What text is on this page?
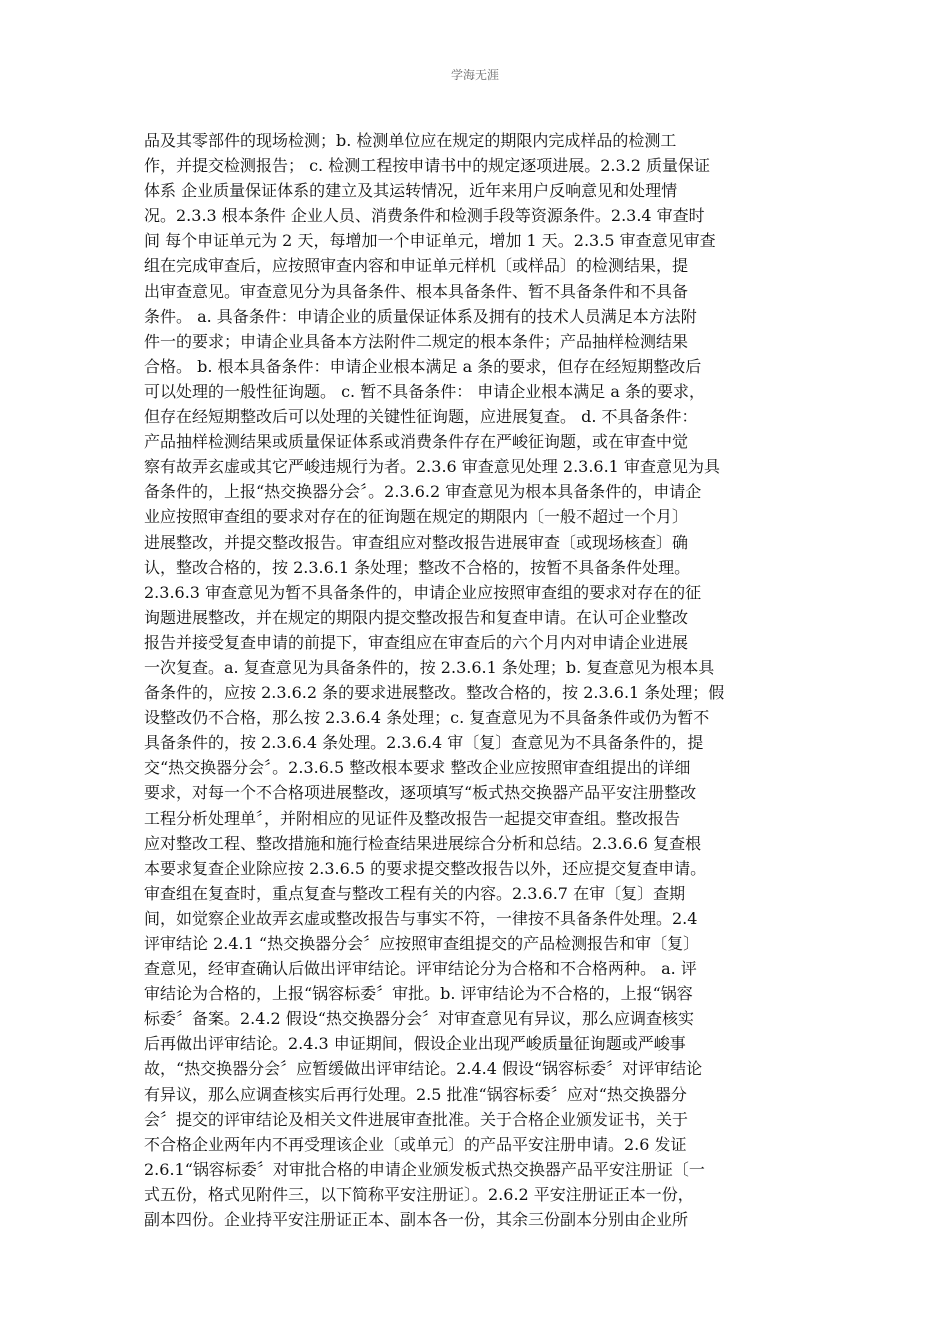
学海无涯
品及其零部件的现场检测；b. 检测单位应在规定的期限内完成样品的检测工
作，并提交检测报告； c. 检测工程按申请书中的规定逐项进展。2.3.2 质量保证
体系 企业质量保证体系的建立及其运转情况，近年来用户反响意见和处理情
况。2.3.3 根本条件 企业人员、消费条件和检测手段等资源条件。2.3.4 审查时
间 每个申证单元为 2 天，每增加一个申证单元，增加 1 天。2.3.5 审查意见审查
组在完成审查后，应按照审查内容和申证单元样机〔或样品〕的检测结果，提
出审查意见。审查意见分为具备条件、根本具备条件、暂不具备条件和不具备
条件。 a. 具备条件：申请企业的质量保证体系及拥有的技术人员满足本方法附
件一的要求；申请企业具备本方法附件二规定的根本条件；产品抽样检测结果
合格。 b. 根本具备条件：申请企业根本满足 a 条的要求，但存在经短期整改后
可以处理的一般性征询题。 c. 暂不具备条件： 申请企业根本满足 a 条的要求，
但存在经短期整改后可以处理的关键性征询题，应进展复查。 d. 不具备条件：
产品抽样检测结果或质量保证体系或消费条件存在严峻征询题，或在审查中觉
察有故弄玄虚或其它严峻违规行为者。2.3.6 审查意见处理 2.3.6.1 审查意见为具
备条件的，上报“热交换器分会〞。2.3.6.2 审查意见为根本具备条件的，申请企
业应按照审查组的要求对存在的征询题在规定的期限内〔一般不超过一个月〕
进展整改，并提交整改报告。审查组应对整改报告进展审查〔或现场核查〕确
认，整改合格的，按 2.3.6.1 条处理；整改不合格的，按暂不具备条件处理。
2.3.6.3 审查意见为暂不具备条件的，申请企业应按照审查组的要求对存在的征
询题进展整改，并在规定的期限内提交整改报告和复查申请。在认可企业整改
报告并接受复查申请的前提下，审查组应在审查后的六个月内对申请企业进展
一次复查。a. 复查意见为具备条件的，按 2.3.6.1 条处理；b. 复查意见为根本具
备条件的，应按 2.3.6.2 条的要求进展整改。整改合格的，按 2.3.6.1 条处理；假
设整改仍不合格，那么按 2.3.6.4 条处理；c. 复查意见为不具备条件或仍为暂不
具备条件的，按 2.3.6.4 条处理。2.3.6.4 审〔复〕查意见为不具备条件的，提
交“热交换器分会〞。2.3.6.5 整改根本要求 整改企业应按照审查组提出的详细
要求，对每一个不合格项进展整改，逐项填写“板式热交换器产品平安注册整改
工程分析处理单〞，并附相应的见证件及整改报告一起提交审查组。整改报告
应对整改工程、整改措施和施行检查结果进展综合分析和总结。2.3.6.6 复查根
本要求复查企业除应按 2.3.6.5 的要求提交整改报告以外，还应提交复查申请。
审查组在复查时，重点复查与整改工程有关的内容。2.3.6.7 在审〔复〕查期
间，如觉察企业故弄玄虚或整改报告与事实不符，一律按不具备条件处理。2.4
评审结论 2.4.1 “热交换器分会〞应按照审查组提交的产品检测报告和审〔复〕
查意见，经审查确认后做出评审结论。评审结论分为合格和不合格两种。 a. 评
审结论为合格的，上报“锅容标委〞审批。b. 评审结论为不合格的，上报“锅容
标委〞备案。2.4.2 假设“热交换器分会〞对审查意见有异议，那么应调查核实
后再做出评审结论。2.4.3 申证期间，假设企业出现严峻质量征询题或严峻事
故，“热交换器分会〞应暂缓做出评审结论。2.4.4 假设“锅容标委〞对评审结论
有异议，那么应调查核实后再行处理。2.5 批准“锅容标委〞应对“热交换器分
会〞提交的评审结论及相关文件进展审查批准。关于合格企业颁发证书，关于
不合格企业两年内不再受理该企业〔或单元〕的产品平安注册申请。2.6 发证
2.6.1“锅容标委〞对审批合格的申请企业颁发板式热交换器产品平安注册证〔一
式五份，格式见附件三，以下简称平安注册证〕。2.6.2 平安注册证正本一份，
副本四份。企业持平安注册证正本、副本各一份，其余三份副本分别由企业所
